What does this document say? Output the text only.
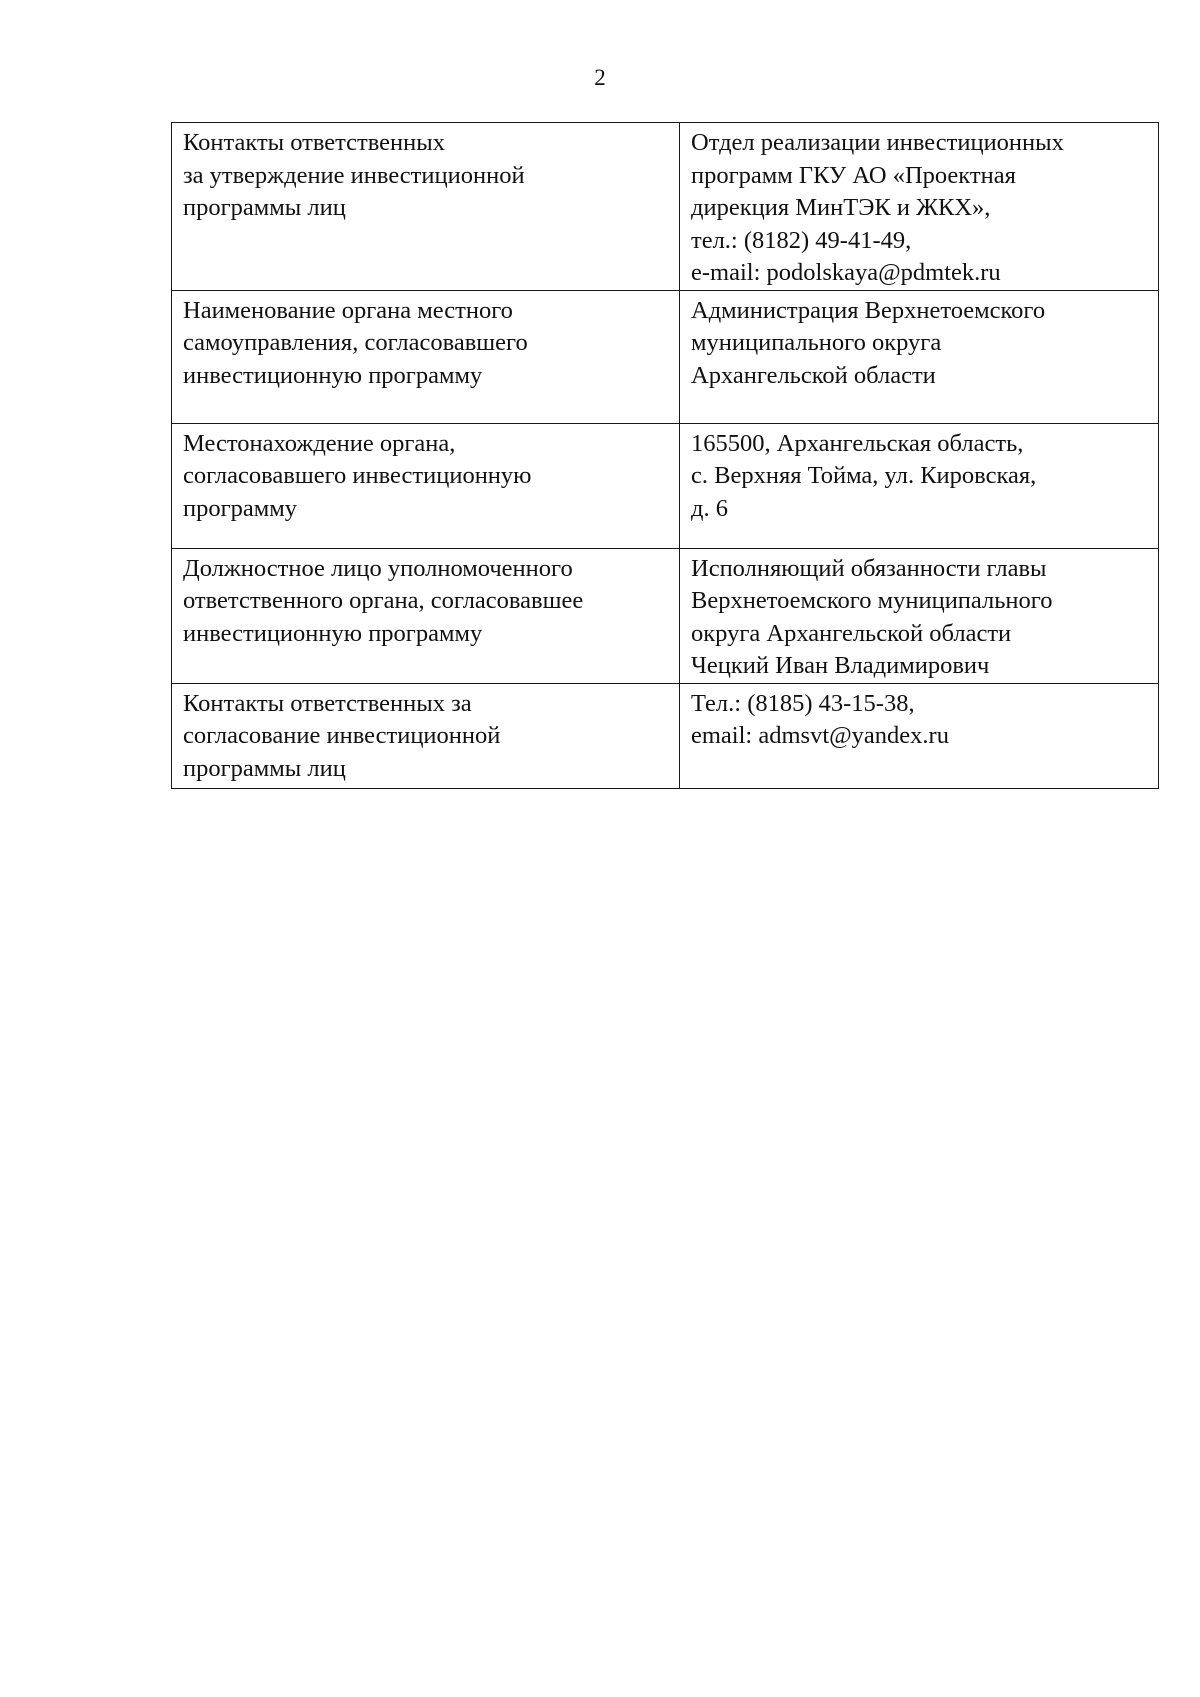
2
Контакты ответственных
за утверждение инвестиционной
программы лиц	Отдел реализации инвестиционных
программ ГКУ АО «Проектная
дирекция МинТЭК и ЖКХ»,
тел.: (8182) 49-41-49,
e-mail: podolskaya@pdmtek.ru

Наименование органа местного
самоуправления, согласовавшего
инвестиционную программу	Администрация Верхнетоемского
муниципального округа
Архангельской области

Местонахождение органа,
согласовавшего инвестиционную
программу	165500, Архангельская область,
с. Верхняя Тойма, ул. Кировская,
д. 6

Должностное лицо уполномоченного
ответственного органа, согласовавшее
инвестиционную программу	Исполняющий обязанности главы
Верхнетоемского муниципального
округа Архангельской области
Чецкий Иван Владимирович

Контакты ответственных за
согласование инвестиционной
программы лиц	Тел.: (8185) 43-15-38,
email: admsvt@yandex.ru
